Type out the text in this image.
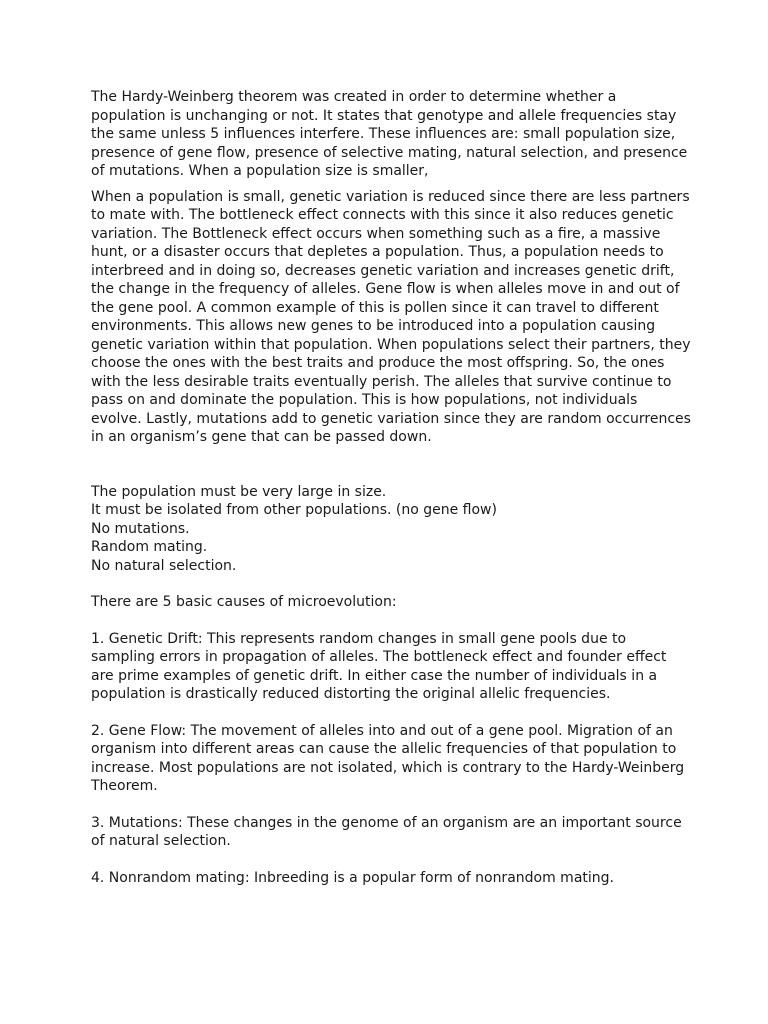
The Hardy-Weinberg theorem was created in order to determine whether a population is unchanging or not. It states that genotype and allele frequencies stay the same unless 5 influences interfere. These influences are: small population size, presence of gene flow, presence of selective mating, natural selection, and presence of mutations. When a population size is smaller,

When a population is small, genetic variation is reduced since there are less partners to mate with. The bottleneck effect connects with this since it also reduces genetic variation. The Bottleneck effect occurs when something such as a fire, a massive hunt, or a disaster occurs that depletes a population. Thus, a population needs to interbreed and in doing so, decreases genetic variation and increases genetic drift, the change in the frequency of alleles. Gene flow is when alleles move in and out of the gene pool. A common example of this is pollen since it can travel to different environments. This allows new genes to be introduced into a population causing genetic variation within that population. When populations select their partners, they choose the ones with the best traits and produce the most offspring. So, the ones with the less desirable traits eventually perish. The alleles that survive continue to pass on and dominate the population. This is how populations, not individuals evolve. Lastly, mutations add to genetic variation since they are random occurrences in an organism’s gene that can be passed down.

The population must be very large in size.
It must be isolated from other populations. (no gene flow)
No mutations.
Random mating.
No natural selection.

There are 5 basic causes of microevolution:

1. Genetic Drift: This represents random changes in small gene pools due to sampling errors in propagation of alleles. The bottleneck effect and founder effect are prime examples of genetic drift. In either case the number of individuals in a population is drastically reduced distorting the original allelic frequencies.

2. Gene Flow: The movement of alleles into and out of a gene pool. Migration of an organism into different areas can cause the allelic frequencies of that population to increase. Most populations are not isolated, which is contrary to the Hardy-Weinberg Theorem.

3. Mutations: These changes in the genome of an organism are an important source of natural selection.

4. Nonrandom mating: Inbreeding is a popular form of nonrandom mating.
